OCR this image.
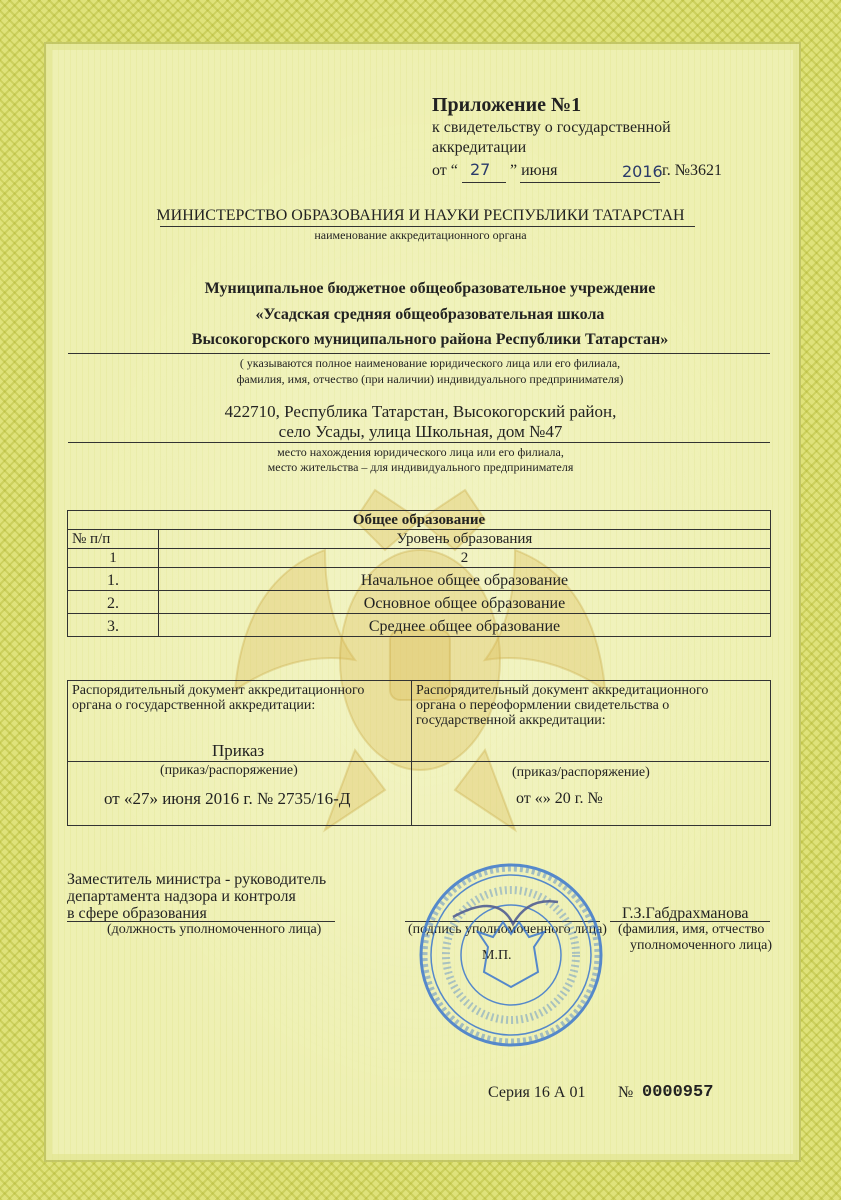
Приложение №1
к свидетельству о государственной
аккредитации
от “ 27 ” июня	2016 г. №3621
МИНИСТЕРСТВО ОБРАЗОВАНИЯ И НАУКИ РЕСПУБЛИКИ ТАТАРСТАН
наименование аккредитационного органа
Муниципальное бюджетное общеобразовательное учреждение
«Усадская средняя общеобразовательная школа
Высокогорского муниципального района Республики Татарстан»
( указываются полное наименование юридического лица или его филиала,
фамилия, имя, отчество (при наличии) индивидуального предпринимателя)
422710, Республика Татарстан, Высокогорский район,
село Усады, улица Школьная, дом №47
место нахождения юридического лица или его филиала,
место жительства – для индивидуального предпринимателя
Общее образование	
№ п/п	Уровень образования
1	2
1.	Начальное общее образование
2.	Основное общее образование
3.	Среднее общее образование
Распорядительный документ аккредитационного
органа о государственной аккредитации:
Приказ
(приказ/распоряжение)
от «27» июня 2016 г. № 2735/16-Д
Распорядительный документ аккредитационного
органа о переоформлении свидетельства о
государственной аккредитации:
(приказ/распоряжение)
от «» 20 г. №
Заместитель министра - руководитель
департамента надзора и контроля
в сфере образования
(должность уполномоченного лица)	(подпись уполномоченного лица)
М.П.
Г.З.Габдрахманова
(фамилия, имя, отчество
уполномоченного лица)
Серия 16 А 01 № 0000957
